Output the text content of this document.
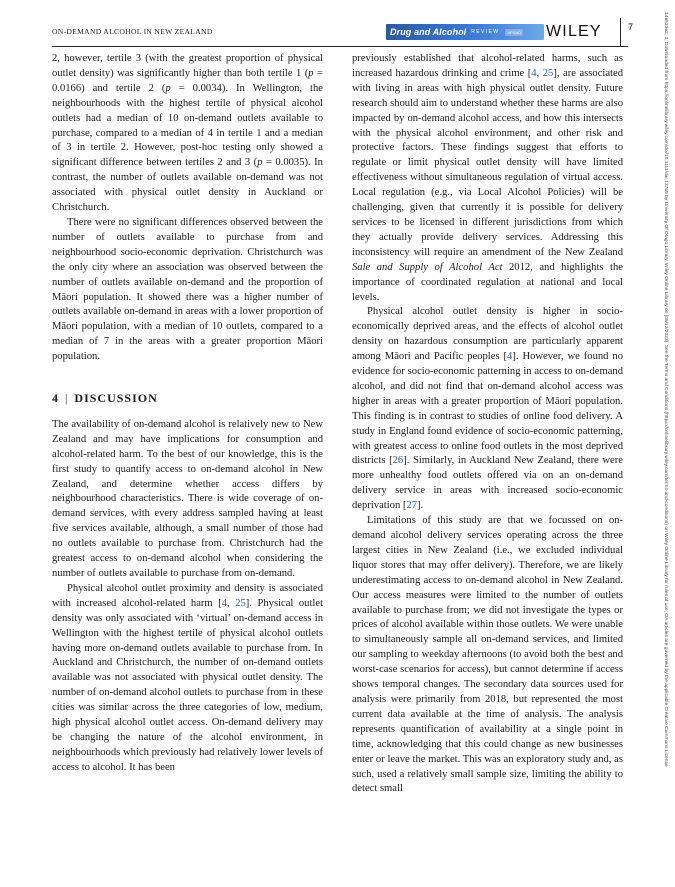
ON-DEMAND ALCOHOL IN NEW ZEALAND	Drug and Alcohol REVIEW	APSAD WILEY	7

2, however, tertile 3 (with the greatest proportion of physical outlet density) was significantly higher than both tertile 1 (p = 0.0166) and tertile 2 (p = 0.0034). In Wellington, the neighbourhoods with the highest tertile of physical alcohol outlets had a median of 10 on-demand outlets available to purchase, compared to a median of 4 in tertile 1 and a median of 3 in tertile 2. However, post-hoc testing only showed a significant difference between tertiles 2 and 3 (p = 0.0035). In contrast, the number of outlets available on-demand was not associated with physical outlet density in Auckland or Christchurch.

There were no significant differences observed between the number of outlets available to purchase from and neighbourhood socio-economic deprivation. Christchurch was the only city where an association was observed between the number of outlets available on-demand and the proportion of Māori population. It showed there was a higher number of outlets available on-demand in areas with a lower proportion of Māori population, with a median of 10 outlets, compared to a median of 7 in the areas with a greater proportion Māori population.

4 | DISCUSSION

The availability of on-demand alcohol is relatively new to New Zealand and may have implications for consumption and alcohol-related harm. To the best of our knowledge, this is the first study to quantify access to on-demand alcohol in New Zealand, and determine whether access differs by neighbourhood characteristics. There is wide coverage of on-demand services, with every address sampled having at least five services available, although, a small number of those had no outlets available to purchase from. Christchurch had the greatest access to on-demand alcohol when considering the number of outlets available to purchase from on-demand.

Physical alcohol outlet proximity and density is associated with increased alcohol-related harm [4, 25]. Physical outlet density was only associated with ‘virtual’ on-demand access in Wellington with the highest tertile of physical alcohol outlets having more on-demand outlets available to purchase from. In Auckland and Christchurch, the number of on-demand outlets available was not associated with physical outlet density. The number of on-demand alcohol outlets to purchase from in these cities was similar across the three categories of low, medium, high physical alcohol outlet access. On-demand delivery may be changing the nature of the alcohol environment, in neighbourhoods which previously had relatively lower levels of access to alcohol. It has been

previously established that alcohol-related harms, such as increased hazardous drinking and crime [4, 25], are associated with living in areas with high physical outlet density. Future research should aim to understand whether these harms are also impacted by on-demand alcohol access, and how this intersects with the physical alcohol environment, and other risk and protective factors. These findings suggest that efforts to regulate or limit physical outlet density will have limited effectiveness without simultaneous regulation of virtual access. Local regulation (e.g., via Local Alcohol Policies) will be challenging, given that currently it is possible for delivery services to be licensed in different jurisdictions from which they actually provide delivery services. Addressing this inconsistency will require an amendment of the New Zealand Sale and Supply of Alcohol Act 2012, and highlights the importance of coordinated regulation at national and local levels.

Physical alcohol outlet density is higher in socio-economically deprived areas, and the effects of alcohol outlet density on hazardous consumption are particularly apparent among Māori and Pacific peoples [4]. However, we found no evidence for socio-economic patterning in access to on-demand alcohol, and did not find that on-demand alcohol access was higher in areas with a greater proportion of Māori population. This finding is in contrast to studies of online food delivery. A study in England found evidence of socio-economic patterning, with greatest access to online food outlets in the most deprived districts [26]. Similarly, in Auckland New Zealand, there were more unhealthy food outlets offered via on an on-demand delivery service in areas with increased socio-economic deprivation [27].

Limitations of this study are that we focussed on on-demand alcohol delivery services operating across the three largest cities in New Zealand (i.e., we excluded individual liquor stores that may offer delivery). Therefore, we are likely underestimating access to on-demand alcohol in New Zealand. Our access measures were limited to the number of outlets available to purchase from; we did not investigate the types or prices of alcohol available within those outlets. We were unable to simultaneously sample all on-demand services, and limited our sampling to weekday afternoons (to avoid both the best and worst-case scenarios for access), but cannot determine if access shows temporal changes. The secondary data sources used for analysis were primarily from 2018, but represented the most current data available at the time of analysis. The analysis represents quantification of availability at a single point in time, acknowledging that this could change as new businesses enter or leave the market. This was an exploratory study and, as such, used a relatively small sample size, limiting the ability to detect small

14653362, 0, Downloaded from https://onlinelibrary.wiley.com/doi/10.1111/dar.13765 by University Of Otago Library, Wiley Online Library on [05/12/2023]. See the Terms and Conditions (https://onlinelibrary.wiley.com/terms-and-conditions) on Wiley Online Library for rules of use; OA articles are governed by the applicable Creative Commons License
